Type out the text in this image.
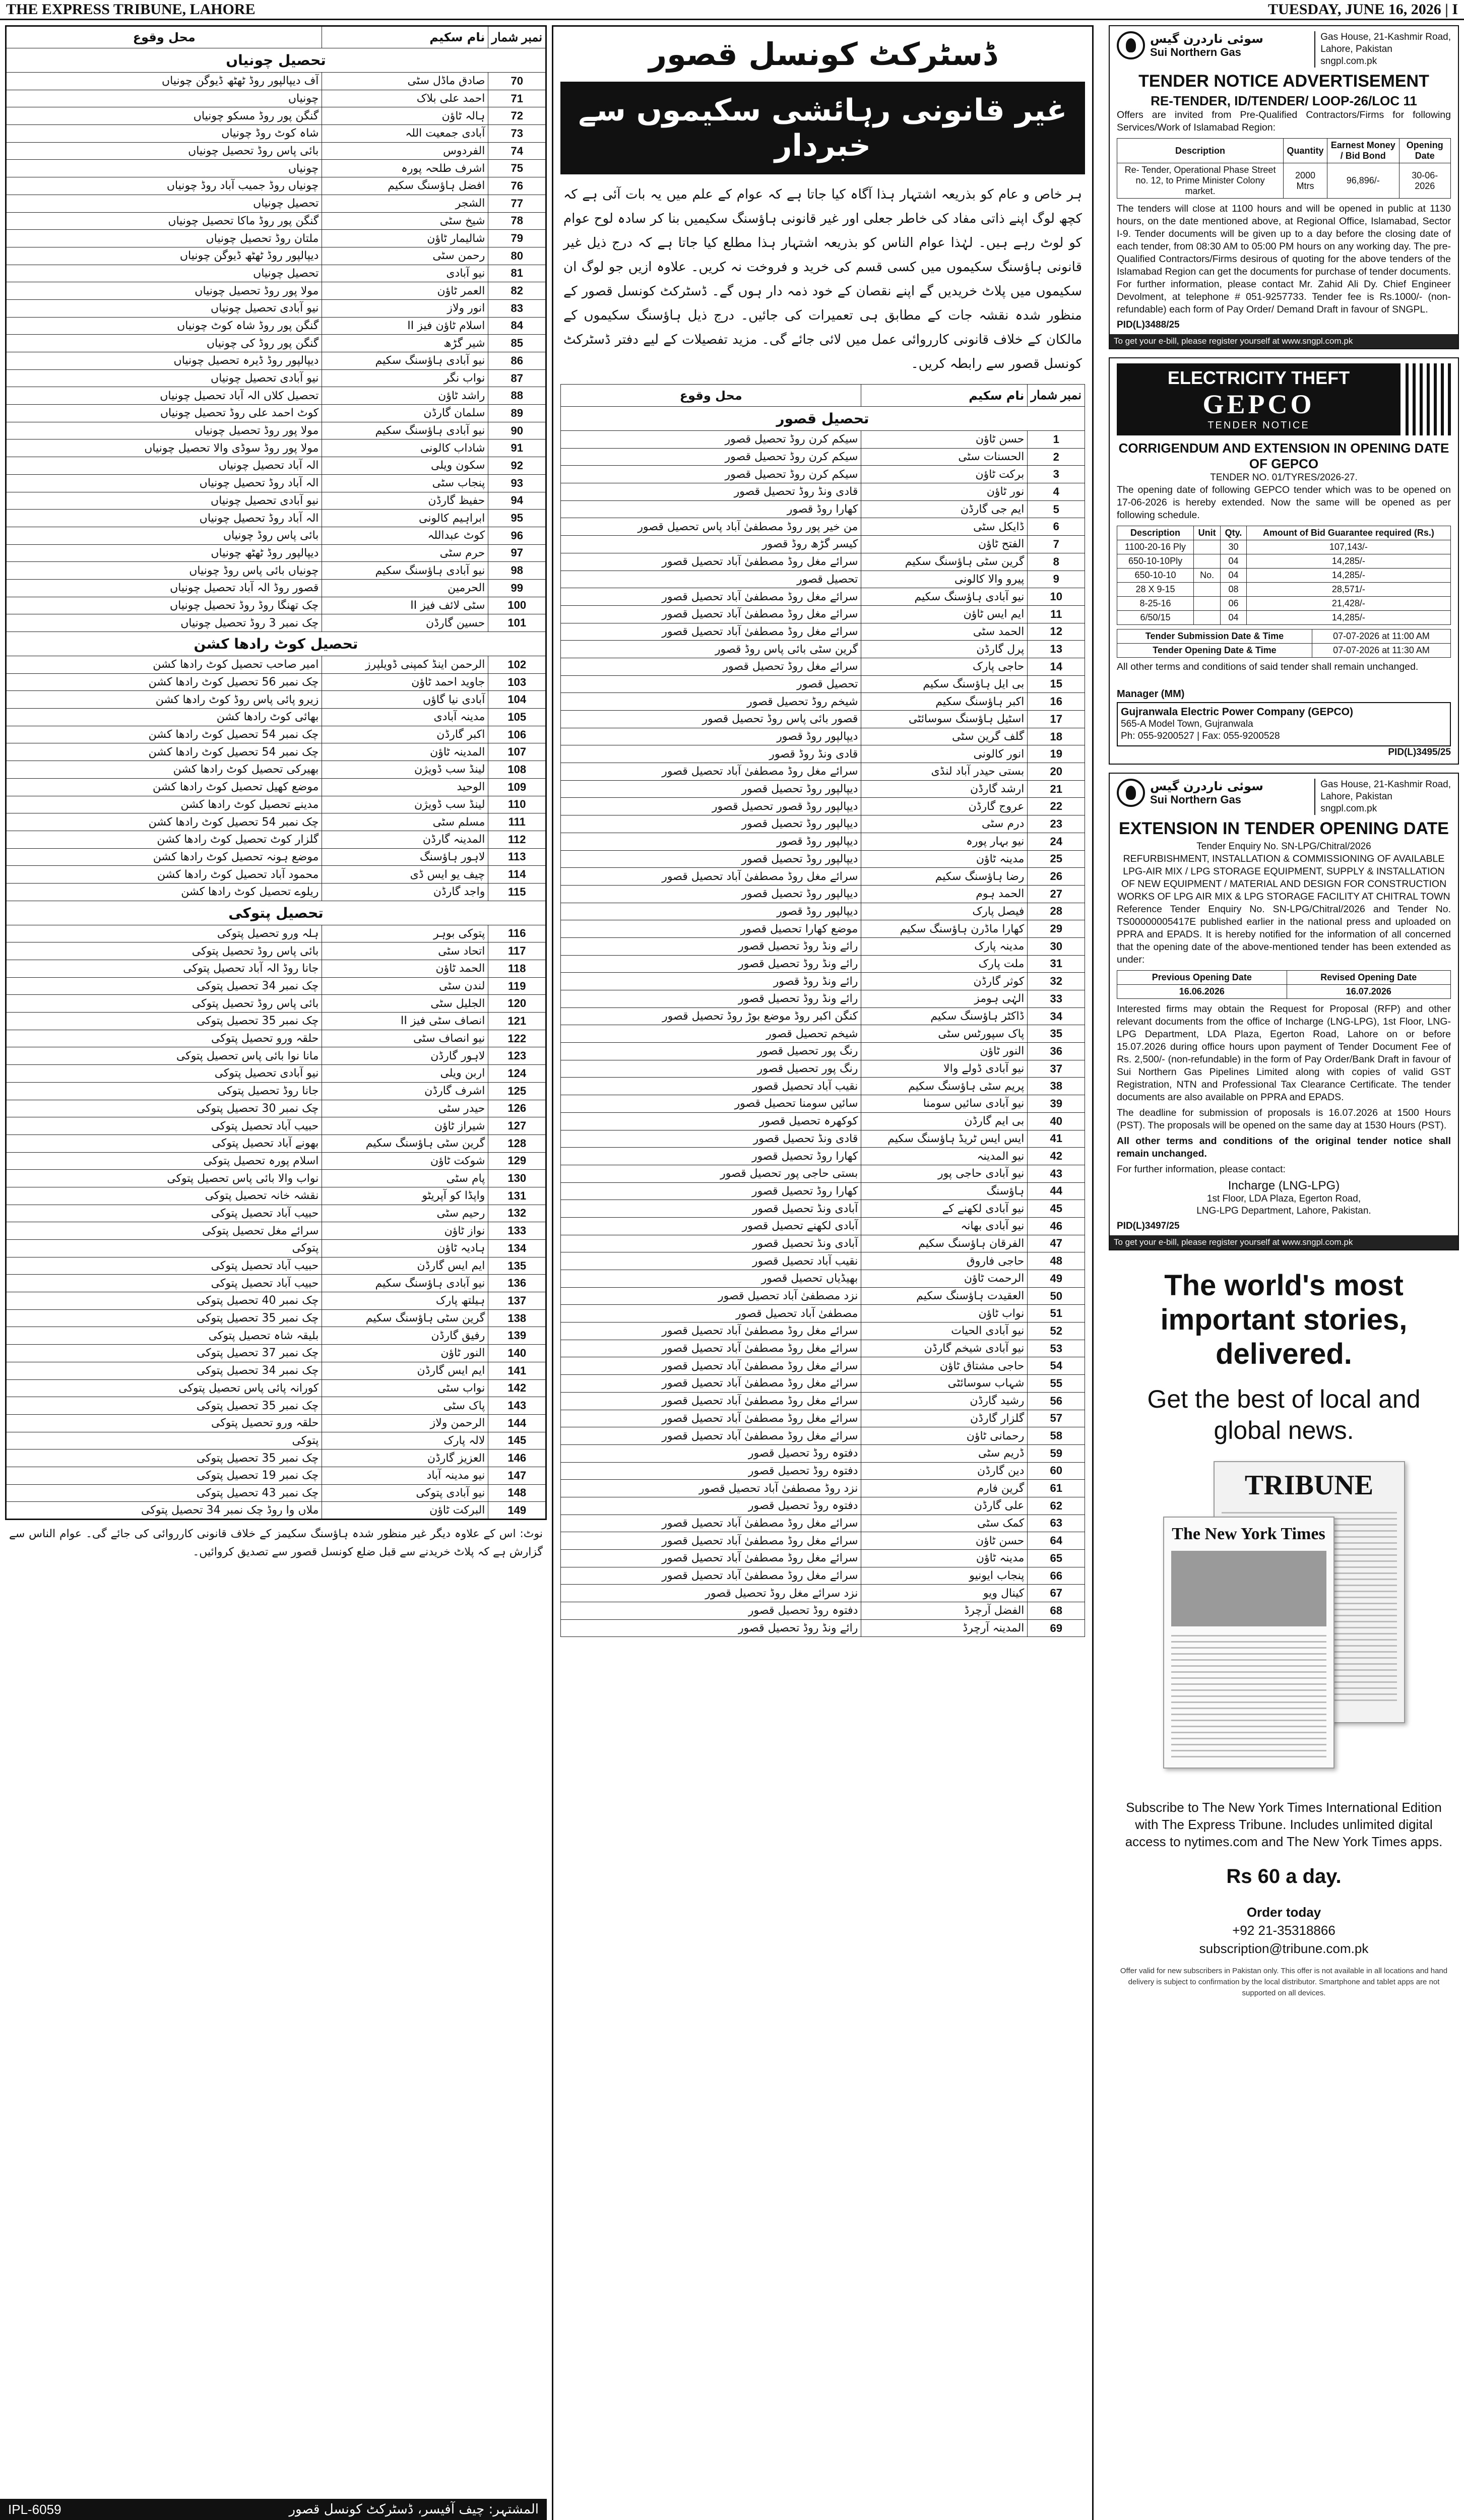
THE EXPRESS TRIBUNE, LAHORE	TUESDAY, JUNE 16, 2026 | I
نمبر شمار	نام سکیم	محل وقوع
تحصیل چونیاں		
70	صادق ماڈل سٹی	آف دیپالپور روڈ ٹھٹھ ڈیوگن چونیاں
71	احمد علی بلاک	چونیاں
72	ہالہ ٹاؤن	گنگن پور روڈ مسکو چونیاں
73	آبادی جمعیت اللہ	شاہ کوٹ روڈ چونیاں
74	الفردوس	بائی پاس روڈ تحصیل چونیاں
75	اشرف طلحہ پورہ	چونیاں
76	افضل ہاؤسنگ سکیم	چونیاں روڈ جمیب آباد روڈ چونیاں
77	الشجر	تحصیل چونیاں
78	شیخ سٹی	گنگن پور روڈ ماکا تحصیل چونیاں
79	شالیمار ٹاؤن	ملتان روڈ تحصیل چونیاں
80	رحمن سٹی	دیپالپور روڈ ٹھٹھ ڈیوگن چونیاں
81	نیو آبادی	تحصیل چونیاں
82	العمر ٹاؤن	مولا پور روڈ تحصیل چونیاں
83	انور ولاز	نیو آبادی تحصیل چونیاں
84	اسلام ٹاؤن فیز II	گنگن پور روڈ شاہ کوٹ چونیاں
85	شیر گڑھ	گنگن پور روڈ کی چونیاں
86	نیو آبادی ہاؤسنگ سکیم	دیپالپور روڈ ڈیرہ تحصیل چونیاں
87	نواب نگر	نیو آبادی تحصیل چونیاں
88	راشد ٹاؤن	تحصیل کلاں الہ آباد تحصیل چونیاں
89	سلمان گارڈن	کوٹ احمد علی روڈ تحصیل چونیاں
90	نیو آبادی ہاؤسنگ سکیم	مولا پور روڈ تحصیل چونیاں
91	شاداب کالونی	مولا پور روڈ سوڈی والا تحصیل چونیاں
92	سکون ویلی	الہ آباد تحصیل چونیاں
93	پنجاب سٹی	الہ آباد روڈ تحصیل چونیاں
94	حفیظ گارڈن	نیو آبادی تحصیل چونیاں
95	ابراہیم کالونی	الہ آباد روڈ تحصیل چونیاں
96	کوٹ عبداللہ	بائی پاس روڈ چونیاں
97	حرم سٹی	دیپالپور روڈ ٹھٹھ چونیاں
98	نیو آبادی ہاؤسنگ سکیم	چونیاں بائی پاس روڈ چونیاں
99	الحرمین	قصور روڈ الہ آباد تحصیل چونیاں
100	سٹی لائف فیز II	چک تھنگا روڈ روڈ تحصیل چونیاں
101	حسین گارڈن	چک نمبر 3 روڈ تحصیل چونیاں
تحصیل کوٹ رادھا کشن		
102	الرحمن اینڈ کمپنی ڈویلپرز	امیر صاحب تحصیل کوٹ رادھا کشن
103	جاوید احمد ٹاؤن	چک نمبر 56 تحصیل کوٹ رادھا کشن
104	آبادی نیا گاؤں	زیرو پائی پاس روڈ کوٹ رادھا کشن
105	مدینہ آبادی	بھائی کوٹ رادھا کشن
106	اکبر گارڈن	چک نمبر 54 تحصیل کوٹ رادھا کشن
107	المدینہ ٹاؤن	چک نمبر 54 تحصیل کوٹ رادھا کشن
108	لینڈ سب ڈویژن	بھیرکی تحصیل کوٹ رادھا کشن
109	الوحید	موضع کھیل تحصیل کوٹ رادھا کشن
110	لینڈ سب ڈویژن	مدینے تحصیل کوٹ رادھا کشن
111	مسلم سٹی	چک نمبر 54 تحصیل کوٹ رادھا کشن
112	المدینہ گارڈن	گلزار کوٹ تحصیل کوٹ رادھا کشن
113	لاہور ہاؤسنگ	موضع ہونہ تحصیل کوٹ رادھا کشن
114	چیف یو ایس ڈی	محمود آباد تحصیل کوٹ رادھا کشن
115	واجد گارڈن	ریلوے تحصیل کوٹ رادھا کشن
تحصیل پتوکی		
116	پتوکی بوہر	ہلہ ورو تحصیل پتوکی
117	اتحاد سٹی	بائی پاس روڈ تحصیل پتوکی
118	الحمد ٹاؤن	جانا روڈ الہ آباد تحصیل پتوکی
119	لندن سٹی	چک نمبر 34 تحصیل پتوکی
120	الجلیل سٹی	بائی پاس روڈ تحصیل پتوکی
121	انصاف سٹی فیز II	چک نمبر 35 تحصیل پتوکی
122	نیو انصاف سٹی	حلقہ ورو تحصیل پتوکی
123	لاہور گارڈن	مانا نوا بائی پاس تحصیل پتوکی
124	اربن ویلی	نیو آبادی تحصیل پتوکی
125	اشرف گارڈن	جانا روڈ تحصیل پتوکی
126	حیدر سٹی	چک نمبر 30 تحصیل پتوکی
127	شیراز ٹاؤن	حبیب آباد تحصیل پتوکی
128	گرین سٹی ہاؤسنگ سکیم	بھونے آباد تحصیل پتوکی
129	شوکت ٹاؤن	اسلام پورہ تحصیل پتوکی
130	پام سٹی	نواب والا بائی پاس تحصیل پتوکی
131	واپڈا کو آپریٹو	نقشہ خانہ تحصیل پتوکی
132	رحیم سٹی	حبیب آباد تحصیل پتوکی
133	نواز ٹاؤن	سرائے مغل تحصیل پتوکی
134	ہادیہ ٹاؤن	پتوکی
135	ایم ایس گارڈن	حبیب آباد تحصیل پتوکی
136	نیو آبادی ہاؤسنگ سکیم	حبیب آباد تحصیل پتوکی
137	ہیلتھ پارک	چک نمبر 40 تحصیل پتوکی
138	گرین سٹی ہاؤسنگ سکیم	چک نمبر 35 تحصیل پتوکی
139	رفیق گارڈن	بلیقہ شاہ تحصیل پتوکی
140	النور ٹاؤن	چک نمبر 37 تحصیل پتوکی
141	ایم ایس گارڈن	چک نمبر 34 تحصیل پتوکی
142	نواب سٹی	کورانہ پائی پاس تحصیل پتوکی
143	پاک سٹی	چک نمبر 35 تحصیل پتوکی
144	الرحمن ولاز	حلقہ ورو تحصیل پتوکی
145	لالہ پارک	پتوکی
146	العزیز گارڈن	چک نمبر 35 تحصیل پتوکی
147	نیو مدینہ آباد	چک نمبر 19 تحصیل پتوکی
148	نیو آبادی پتوکی	چک نمبر 43 تحصیل پتوکی
149	البرکت ٹاؤن	ملاں وا روڈ چک نمبر 34 تحصیل پتوکی
نوٹ: اس کے علاوہ دیگر غیر منظور شدہ ہاؤسنگ سکیمز کے خلاف قانونی کارروائی کی جائے گی۔ عوام الناس سے گزارش ہے کہ پلاٹ خریدنے سے قبل ضلع کونسل قصور سے تصدیق کروائیں۔
ڈسٹرکٹ کونسل قصور
غیر قانونی رہائشی سکیموں سے خبردار
ہر خاص و عام کو بذریعہ اشتہار ہذا آگاہ کیا جاتا ہے کہ عوام کے علم میں یہ بات آئی ہے کہ کچھ لوگ اپنے ذاتی مفاد کی خاطر جعلی اور غیر قانونی ہاؤسنگ سکیمیں بنا کر سادہ لوح عوام کو لوٹ رہے ہیں۔ لہٰذا عوام الناس کو بذریعہ اشتہار ہذا مطلع کیا جاتا ہے کہ درج ذیل غیر قانونی ہاؤسنگ سکیموں میں کسی قسم کی خرید و فروخت نہ کریں۔ علاوہ ازیں جو لوگ ان سکیموں میں پلاٹ خریدیں گے اپنے نقصان کے خود ذمہ دار ہوں گے۔ ڈسٹرکٹ کونسل قصور کے منظور شدہ نقشہ جات کے مطابق ہی تعمیرات کی جائیں۔ درج ذیل ہاؤسنگ سکیموں کے مالکان کے خلاف قانونی کارروائی عمل میں لائی جائے گی۔ مزید تفصیلات کے لیے دفتر ڈسٹرکٹ کونسل قصور سے رابطہ کریں۔
نمبر شمار	نام سکیم	محل وقوع
تحصیل قصور		
1	حسن ٹاؤن	سیکم کرن روڈ تحصیل قصور
2	الحسنات سٹی	سیکم کرن روڈ تحصیل قصور
3	برکت ٹاؤن	سیکم کرن روڈ تحصیل قصور
4	نور ٹاؤن	قادی ونڈ روڈ تحصیل قصور
5	ایم جی گارڈن	کھارا روڈ قصور
6	ڈایکل سٹی	من خیر پور روڈ مصطفیٰ آباد پاس تحصیل قصور
7	الفتح ٹاؤن	کیسر گڑھ روڈ قصور
8	گرین سٹی ہاؤسنگ سکیم	سرائے مغل روڈ مصطفیٰ آباد تحصیل قصور
9	پیرو والا کالونی	تحصیل قصور
10	نیو آبادی ہاؤسنگ سکیم	سرائے مغل روڈ مصطفیٰ آباد تحصیل قصور
11	ایم ایس ٹاؤن	سرائے مغل روڈ مصطفیٰ آباد تحصیل قصور
12	الحمد سٹی	سرائے مغل روڈ مصطفیٰ آباد تحصیل قصور
13	پرل گارڈن	گرین سٹی بائی پاس روڈ قصور
14	حاجی پارک	سرائے مغل روڈ تحصیل قصور
15	بی ایل ہاؤسنگ سکیم	تحصیل قصور
16	اکبر ہاؤسنگ سکیم	شیخم روڈ تحصیل قصور
17	اسٹیل ہاؤسنگ سوسائٹی	قصور بائی پاس روڈ تحصیل قصور
18	گلف گرین سٹی	دیپالپور روڈ قصور
19	انور کالونی	قادی ونڈ روڈ قصور
20	بستی حیدر آباد لنڈی	سرائے مغل روڈ مصطفیٰ آباد تحصیل قصور
21	ارشد گارڈن	دیپالپور روڈ تحصیل قصور
22	عروج گارڈن	دیپالپور روڈ قصور تحصیل قصور
23	درم سٹی	دیپالپور روڈ تحصیل قصور
24	نیو بہار پورہ	دیپالپور روڈ قصور
25	مدینہ ٹاؤن	دیپالپور روڈ تحصیل قصور
26	رضا ہاؤسنگ سکیم	سرائے مغل روڈ مصطفیٰ آباد تحصیل قصور
27	الحمد ہوم	دیپالپور روڈ تحصیل قصور
28	فیصل پارک	دیپالپور روڈ قصور
29	کھارا ماڈرن ہاؤسنگ سکیم	موضع کھارا تحصیل قصور
30	مدینہ پارک	رائے ونڈ روڈ تحصیل قصور
31	ملت پارک	رائے ونڈ روڈ تحصیل قصور
32	کوثر گارڈن	رائے ونڈ روڈ قصور
33	الہٰی ہومز	رائے ونڈ روڈ تحصیل قصور
34	ڈاکٹر ہاؤسنگ سکیم	کنگن اکبر روڈ موضع بوڑ روڈ تحصیل قصور
35	پاک سپورٹس سٹی	شیخم تحصیل قصور
36	النور ٹاؤن	رنگ پور تحصیل قصور
37	نیو آبادی ڈولے والا	رنگ پور تحصیل قصور
38	پریم سٹی ہاؤسنگ سکیم	نقیب آباد تحصیل قصور
39	نیو آبادی سائیں سومنا	سائیں سومنا تحصیل قصور
40	بی ایم گارڈن	کوکھرہ تحصیل قصور
41	ایس ایس ٹریڈ ہاؤسنگ سکیم	قادی ونڈ تحصیل قصور
42	نیو المدینہ	کھارا روڈ تحصیل قصور
43	نیو آبادی حاجی پور	بستی حاجی پور تحصیل قصور
44	ہاؤسنگ	کھارا روڈ تحصیل قصور
45	نیو آبادی لکھنے کے	آبادی ونڈ تحصیل قصور
46	نیو آبادی بھانہ	آبادی لکھنے تحصیل قصور
47	الفرقان ہاؤسنگ سکیم	آبادی ونڈ تحصیل قصور
48	حاجی فاروق	نقیب آباد تحصیل قصور
49	الرحمت ٹاؤن	بھیڈیاں تحصیل قصور
50	العقیدت ہاؤسنگ سکیم	نزد مصطفیٰ آباد تحصیل قصور
51	نواب ٹاؤن	مصطفیٰ آباد تحصیل قصور
52	نیو آبادی الحیات	سرائے مغل روڈ مصطفیٰ آباد تحصیل قصور
53	نیو آبادی شیخم گارڈن	سرائے مغل روڈ مصطفیٰ آباد تحصیل قصور
54	حاجی مشتاق ٹاؤن	سرائے مغل روڈ مصطفیٰ آباد تحصیل قصور
55	شہاب سوسائٹی	سرائے مغل روڈ مصطفیٰ آباد تحصیل قصور
56	رشید گارڈن	سرائے مغل روڈ مصطفیٰ آباد تحصیل قصور
57	گلزار گارڈن	سرائے مغل روڈ مصطفیٰ آباد تحصیل قصور
58	رحمانی ٹاؤن	سرائے مغل روڈ مصطفیٰ آباد تحصیل قصور
59	ڈریم سٹی	دفتوہ روڈ تحصیل قصور
60	دین گارڈن	دفتوہ روڈ تحصیل قصور
61	گرین فارم	نزد روڈ مصطفیٰ آباد تحصیل قصور
62	علی گارڈن	دفتوہ روڈ تحصیل قصور
63	کمک سٹی	سرائے مغل روڈ مصطفیٰ آباد تحصیل قصور
64	حسن ٹاؤن	سرائے مغل روڈ مصطفیٰ آباد تحصیل قصور
65	مدینہ ٹاؤن	سرائے مغل روڈ مصطفیٰ آباد تحصیل قصور
66	پنجاب ایونیو	سرائے مغل روڈ مصطفیٰ آباد تحصیل قصور
67	کینال ویو	نزد سرائے مغل روڈ تحصیل قصور
68	الفضل آرچرڈ	دفتوہ روڈ تحصیل قصور
69	المدینہ آرچرڈ	رائے ونڈ روڈ تحصیل قصور
المشتہر: چیف آفیسر، ڈسٹرکٹ کونسل قصور
IPL-6059
سوئی ناردرن گیس
Sui Northern Gas
Gas House, 21-Kashmir Road,
Lahore, Pakistan
sngpl.com.pk
TENDER NOTICE ADVERTISEMENT
RE-TENDER, ID/TENDER/ LOOP-26/LOC 11

Offers are invited from Pre-Qualified Contractors/Firms for following Services/Work of Islamabad Region:

Description	Quantity	Earnest Money / Bid Bond	Opening Date
Re- Tender, Operational Phase Street no. 12, to Prime Minister Colony market.	2000 Mtrs	96,896/-	30-06-2026

The tenders will close at 1100 hours and will be opened in public at 1130 hours, on the date mentioned above, at Regional Office, Islamabad, Sector I-9. Tender documents will be given up to a day before the closing date of each tender, from 08:30 AM to 05:00 PM hours on any working day. The pre-Qualified Contractors/Firms desirous of quoting for the above tenders of the Islamabad Region can get the documents for purchase of tender documents. For further information, please contact Mr. Zahid Ali Dy. Chief Engineer Devolment, at telephone # 051-9257733. Tender fee is Rs.1000/- (non-refundable) each form of Pay Order/ Demand Draft in favour of SNGPL.

PID(L)3488/25
To get your e-bill, please register yourself at www.sngpl.com.pk
ELECTRICITY THEFT
GEPCO
TENDER NOTICE
CORRIGENDUM AND EXTENSION IN OPENING DATE OF GEPCO
TENDER NO. 01/TYRES/2026-27.

The opening date of following GEPCO tender which was to be opened on 17-06-2026 is hereby extended. Now the same will be opened as per following schedule.

Description	Unit	Qty.	Amount of Bid Guarantee required (Rs.)
1100-20-16 Ply		30	107,143/-
650-10-10Ply		04	14,285/-
650-10-10	No.	04	14,285/-
28 X 9-15		08	28,571/-
8-25-16		06	21,428/-
6/50/15		04	14,285/-
Tender Submission Date & Time	07-07-2026 at 11:00 AM
Tender Opening Date & Time	07-07-2026 at 11:30 AM

All other terms and conditions of said tender shall remain unchanged.

Manager (MM)
Gujranwala Electric Power Company (GEPCO)
565-A Model Town, Gujranwala
Ph: 055-9200527 | Fax: 055-9200528
PID(L)3495/25
سوئی ناردرن گیس
Sui Northern Gas
Gas House, 21-Kashmir Road,
Lahore, Pakistan
sngpl.com.pk
EXTENSION IN TENDER OPENING DATE
Tender Enquiry No. SN-LPG/Chitral/2026

REFURBISHMENT, INSTALLATION & COMMISSIONING OF AVAILABLE LPG-AIR MIX / LPG STORAGE EQUIPMENT, SUPPLY & INSTALLATION OF NEW EQUIPMENT / MATERIAL AND DESIGN FOR CONSTRUCTION WORKS OF LPG AIR MIX & LPG STORAGE FACILITY AT CHITRAL TOWN

Reference Tender Enquiry No. SN-LPG/Chitral/2026 and Tender No. TS00000005417E published earlier in the national press and uploaded on PPRA and EPADS. It is hereby notified for the information of all concerned that the opening date of the above-mentioned tender has been extended as under:

Previous Opening Date	Revised Opening Date
16.06.2026	16.07.2026

Interested firms may obtain the Request for Proposal (RFP) and other relevant documents from the office of Incharge (LNG-LPG), 1st Floor, LNG-LPG Department, LDA Plaza, Egerton Road, Lahore on or before 15.07.2026 during office hours upon payment of Tender Document Fee of Rs. 2,500/- (non-refundable) in the form of Pay Order/Bank Draft in favour of Sui Northern Gas Pipelines Limited along with copies of valid GST Registration, NTN and Professional Tax Clearance Certificate. The tender documents are also available on PPRA and EPADS.

The deadline for submission of proposals is 16.07.2026 at 1500 Hours (PST). The proposals will be opened on the same day at 1530 Hours (PST).

All other terms and conditions of the original tender notice shall remain unchanged.

For further information, please contact:

Incharge (LNG-LPG)
1st Floor, LDA Plaza, Egerton Road,
LNG-LPG Department, Lahore, Pakistan.
PID(L)3497/25
To get your e-bill, please register yourself at www.sngpl.com.pk
The world's most important stories, delivered.
Get the best of local and global news.
TRIBUNE
The New York Times
Subscribe to The New York Times International Edition with The Express Tribune. Includes unlimited digital access to nytimes.com and The New York Times apps.
Rs 60 a day.
Order today
+92 21-35318866
subscription@tribune.com.pk
Offer valid for new subscribers in Pakistan only. This offer is not available in all locations and hand delivery is subject to confirmation by the local distributor. Smartphone and tablet apps are not supported on all devices.
